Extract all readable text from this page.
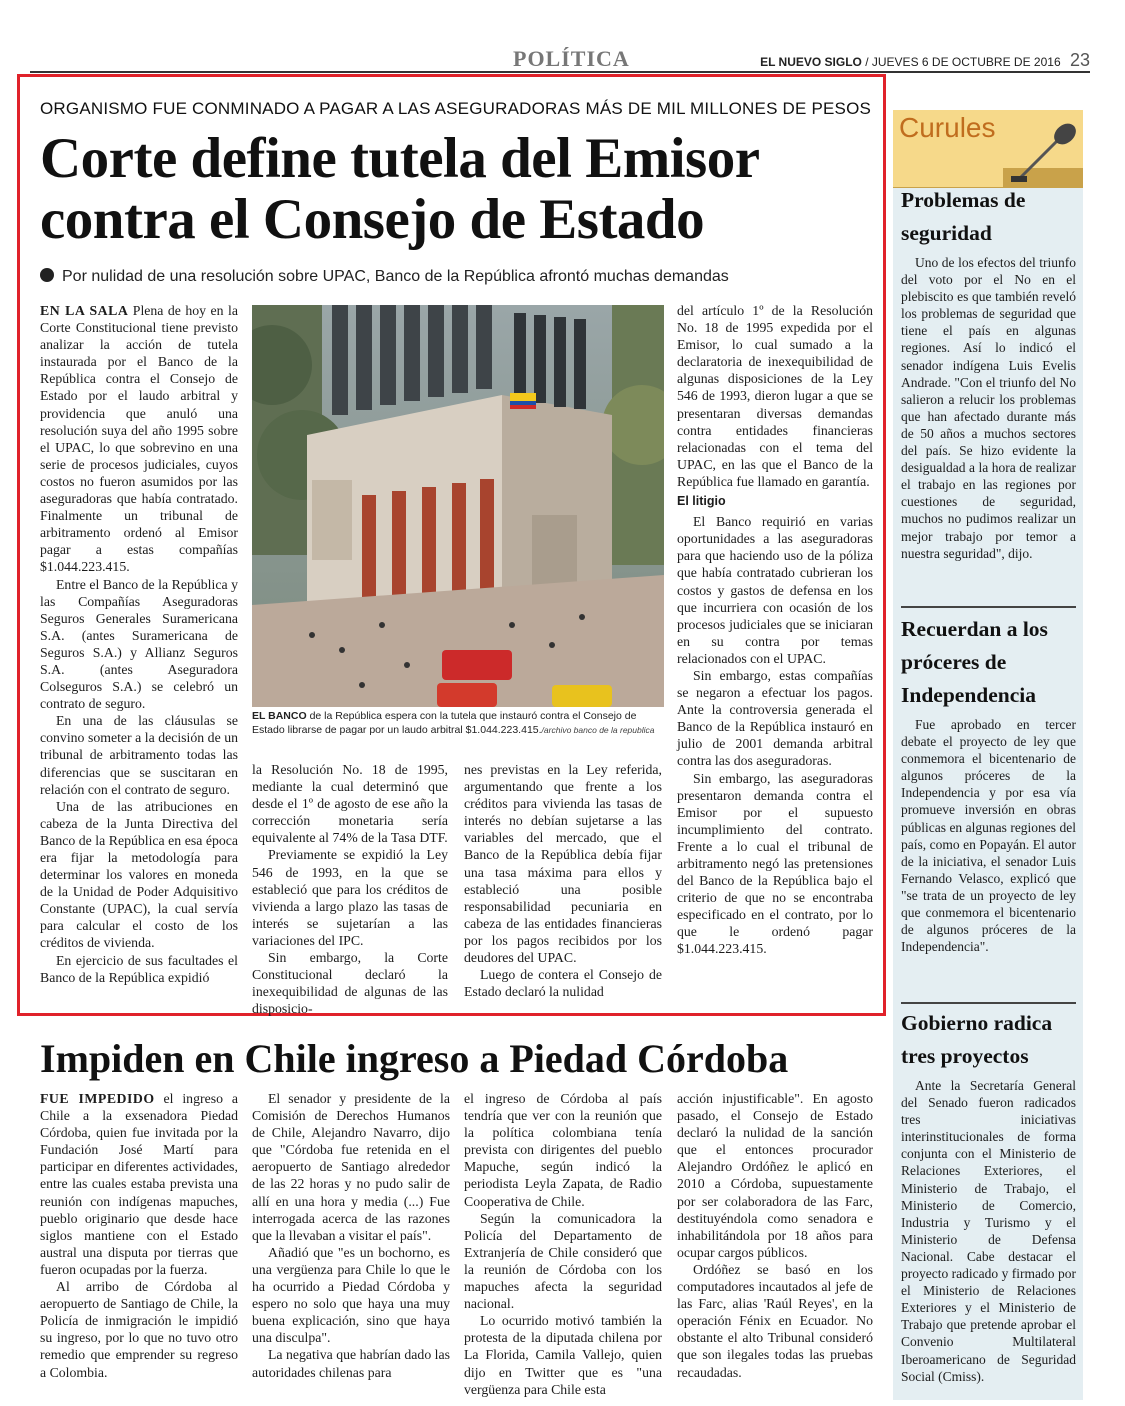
POLÍTICA	EL NUEVO SIGLO / JUEVES 6 DE OCTUBRE DE 2016 23
ORGANISMO FUE CONMINADO A PAGAR A LAS ASEGURADORAS MÁS DE MIL MILLONES DE PESOS
Corte define tutela del Emisor contra el Consejo de Estado
Por nulidad de una resolución sobre UPAC, Banco de la República afrontó muchas demandas

EN LA SALA Plena de hoy en la Corte Constitucional tiene previsto analizar la acción de tutela instaurada por el Banco de la República contra el Consejo de Estado por el laudo arbitral y providencia que anuló una resolución suya del año 1995 sobre el UPAC, lo que sobrevino en una serie de procesos judiciales, cuyos costos no fueron asumidos por las aseguradoras que había contratado. Finalmente un tribunal de arbitramento ordenó al Emisor pagar a estas compañías $1.044.223.415.

Entre el Banco de la República y las Compañías Aseguradoras Seguros Generales Suramericana S.A. (antes Suramericana de Seguros S.A.) y Allianz Seguros S.A. (antes Aseguradora Colseguros S.A.) se celebró un contrato de seguro.

En una de las cláusulas se convino someter a la decisión de un tribunal de arbitramento todas las diferencias que se suscitaran en relación con el contrato de seguro.

Una de las atribuciones en cabeza de la Junta Directiva del Banco de la República en esa época era fijar la metodología para determinar los valores en moneda de la Unidad de Poder Adquisitivo Constante (UPAC), la cual servía para calcular el costo de los créditos de vivienda.

En ejercicio de sus facultades el Banco de la República expidió

EL BANCO de la República espera con la tutela que instauró contra el Consejo de Estado librarse de pagar por un laudo arbitral $1.044.223.415./archivo banco de la republica

la Resolución No. 18 de 1995, mediante la cual determinó que desde el 1º de agosto de ese año la corrección monetaria sería equivalente al 74% de la Tasa DTF.

Previamente se expidió la Ley 546 de 1993, en la que se estableció que para los créditos de vivienda a largo plazo las tasas de interés se sujetarían a las variaciones del IPC.

Sin embargo, la Corte Constitucional declaró la inexequibilidad de algunas de las disposicio-

nes previstas en la Ley referida, argumentando que frente a los créditos para vivienda las tasas de interés no debían sujetarse a las variables del mercado, que el Banco de la República debía fijar una tasa máxima para ellos y estableció una posible responsabilidad pecuniaria en cabeza de las entidades financieras por los pagos recibidos por los deudores del UPAC.

Luego de contera el Consejo de Estado declaró la nulidad

del artículo 1º de la Resolución No. 18 de 1995 expedida por el Emisor, lo cual sumado a la declaratoria de inexequibilidad de algunas disposiciones de la Ley 546 de 1993, dieron lugar a que se presentaran diversas demandas contra entidades financieras relacionadas con el tema del UPAC, en las que el Banco de la República fue llamado en garantía.

El litigio

El Banco requirió en varias oportunidades a las aseguradoras para que haciendo uso de la póliza que había contratado cubrieran los costos y gastos de defensa en los que incurriera con ocasión de los procesos judiciales que se iniciaran en su contra por temas relacionados con el UPAC.

Sin embargo, estas compañías se negaron a efectuar los pagos. Ante la controversia generada el Banco de la República instauró en julio de 2001 demanda arbitral contra las dos aseguradoras.

Sin embargo, las aseguradoras presentaron demanda contra el Emisor por el supuesto incumplimiento del contrato. Frente a lo cual el tribunal de arbitramento negó las pretensiones del Banco de la República bajo el criterio de que no se encontraba especificado en el contrato, por lo que le ordenó pagar $1.044.223.415.

Impiden en Chile ingreso a Piedad Córdoba

FUE IMPEDIDO el ingreso a Chile a la exsenadora Piedad Córdoba, quien fue invitada por la Fundación José Martí para participar en diferentes actividades, entre las cuales estaba prevista una reunión con indígenas mapuches, pueblo originario que desde hace siglos mantiene con el Estado austral una disputa por tierras que fueron ocupadas por la fuerza.

Al arribo de Córdoba al aeropuerto de Santiago de Chile, la Policía de inmigración le impidió su ingreso, por lo que no tuvo otro remedio que emprender su regreso a Colombia.

El senador y presidente de la Comisión de Derechos Humanos de Chile, Alejandro Navarro, dijo que "Córdoba fue retenida en el aeropuerto de Santiago alrededor de las 22 horas y no pudo salir de allí en una hora y media (...) Fue interrogada acerca de las razones que la llevaban a visitar el país".

Añadió que "es un bochorno, es una vergüenza para Chile lo que le ha ocurrido a Piedad Córdoba y espero no solo que haya una muy buena explicación, sino que haya una disculpa".

La negativa que habrían dado las autoridades chilenas para

el ingreso de Córdoba al país tendría que ver con la reunión que la política colombiana tenía prevista con dirigentes del pueblo Mapuche, según indicó la periodista Leyla Zapata, de Radio Cooperativa de Chile.

Según la comunicadora la Policía del Departamento de Extranjería de Chile consideró que la reunión de Córdoba con los mapuches afecta la seguridad nacional.

Lo ocurrido motivó también la protesta de la diputada chilena por La Florida, Camila Vallejo, quien dijo en Twitter que es "una vergüenza para Chile esta

acción injustificable". En agosto pasado, el Consejo de Estado declaró la nulidad de la sanción que el entonces procurador Alejandro Ordóñez le aplicó en 2010 a Córdoba, supuestamente por ser colaboradora de las Farc, destituyéndola como senadora e inhabilitándola por 18 años para ocupar cargos públicos.

Ordóñez se basó en los computadores incautados al jefe de las Farc, alias 'Raúl Reyes', en la operación Fénix en Ecuador. No obstante el alto Tribunal consideró que son ilegales todas las pruebas recaudadas.

Curules
Problemas de seguridad

Uno de los efectos del triunfo del voto por el No en el plebiscito es que también reveló los problemas de seguridad que tiene el país en algunas regiones. Así lo indicó el senador indígena Luis Evelis Andrade. "Con el triunfo del No salieron a relucir los problemas que han afectado durante más de 50 años a muchos sectores del país. Se hizo evidente la desigualdad a la hora de realizar el trabajo en las regiones por cuestiones de seguridad, muchos no pudimos realizar un mejor trabajo por temor a nuestra seguridad", dijo.

Recuerdan a los próceres de Independencia

Fue aprobado en tercer debate el proyecto de ley que conmemora el bicentenario de algunos próceres de la Independencia y por esa vía promueve inversión en obras públicas en algunas regiones del país, como en Popayán. El autor de la iniciativa, el senador Luis Fernando Velasco, explicó que "se trata de un proyecto de ley que conmemora el bicentenario de algunos próceres de la Independencia".

Gobierno radica tres proyectos

Ante la Secretaría General del Senado fueron radicados tres iniciativas interinstitucionales de forma conjunta con el Ministerio de Relaciones Exteriores, el Ministerio de Trabajo, el Ministerio de Comercio, Industria y Turismo y el Ministerio de Defensa Nacional. Cabe destacar el proyecto radicado y firmado por el Ministerio de Relaciones Exteriores y el Ministerio de Trabajo que pretende aprobar el Convenio Multilateral Iberoamericano de Seguridad Social (Cmiss).
